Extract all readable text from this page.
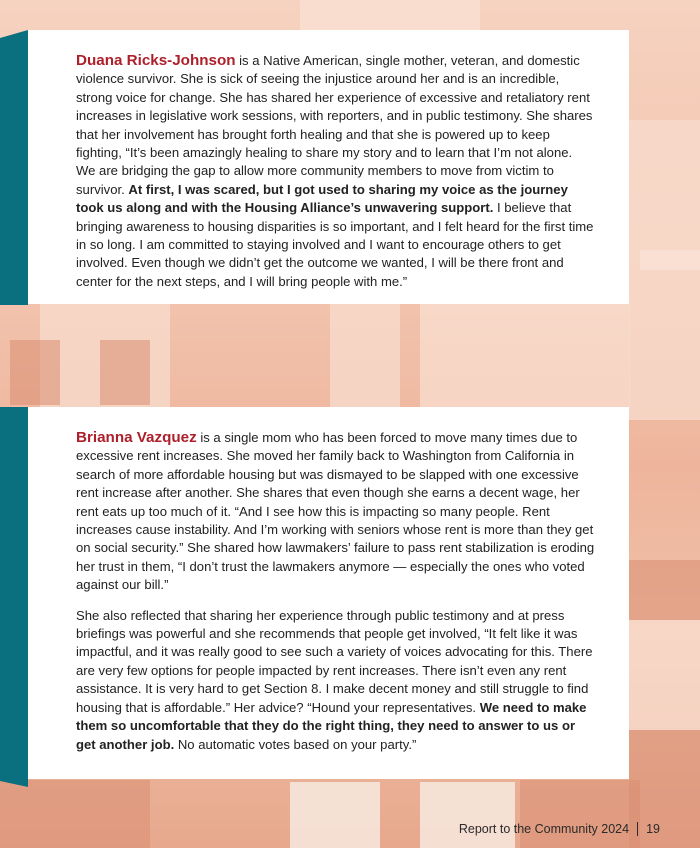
Duana Ricks-Johnson is a Native American, single mother, veteran, and domestic violence survivor. She is sick of seeing the injustice around her and is an incredible, strong voice for change. She has shared her experience of excessive and retaliatory rent increases in legislative work sessions, with reporters, and in public testimony. She shares that her involvement has brought forth healing and that she is powered up to keep fighting, “It’s been amazingly healing to share my story and to learn that I’m not alone. We are bridging the gap to allow more community members to move from victim to survivor. At first, I was scared, but I got used to sharing my voice as the journey took us along and with the Housing Alliance’s unwavering support. I believe that bringing awareness to housing disparities is so important, and I felt heard for the first time in so long. I am committed to staying involved and I want to encourage others to get involved. Even though we didn’t get the outcome we wanted, I will be there front and center for the next steps, and I will bring people with me.”

Brianna Vazquez is a single mom who has been forced to move many times due to excessive rent increases. She moved her family back to Washington from California in search of more affordable housing but was dismayed to be slapped with one excessive rent increase after another. She shares that even though she earns a decent wage, her rent eats up too much of it. “And I see how this is impacting so many people. Rent increases cause instability. And I’m working with seniors whose rent is more than they get on social security.” She shared how lawmakers’ failure to pass rent stabilization is eroding her trust in them, “I don’t trust the lawmakers anymore — especially the ones who voted against our bill.”

She also reflected that sharing her experience through public testimony and at press briefings was powerful and she recommends that people get involved, “It felt like it was impactful, and it was really good to see such a variety of voices advocating for this. There are very few options for people impacted by rent increases. There isn’t even any rent assistance. It is very hard to get Section 8. I make decent money and still struggle to find housing that is affordable.” Her advice? “Hound your representatives. We need to make them so uncomfortable that they do the right thing, they need to answer to us or get another job. No automatic votes based on your party.”

Report to the Community 2024 19
